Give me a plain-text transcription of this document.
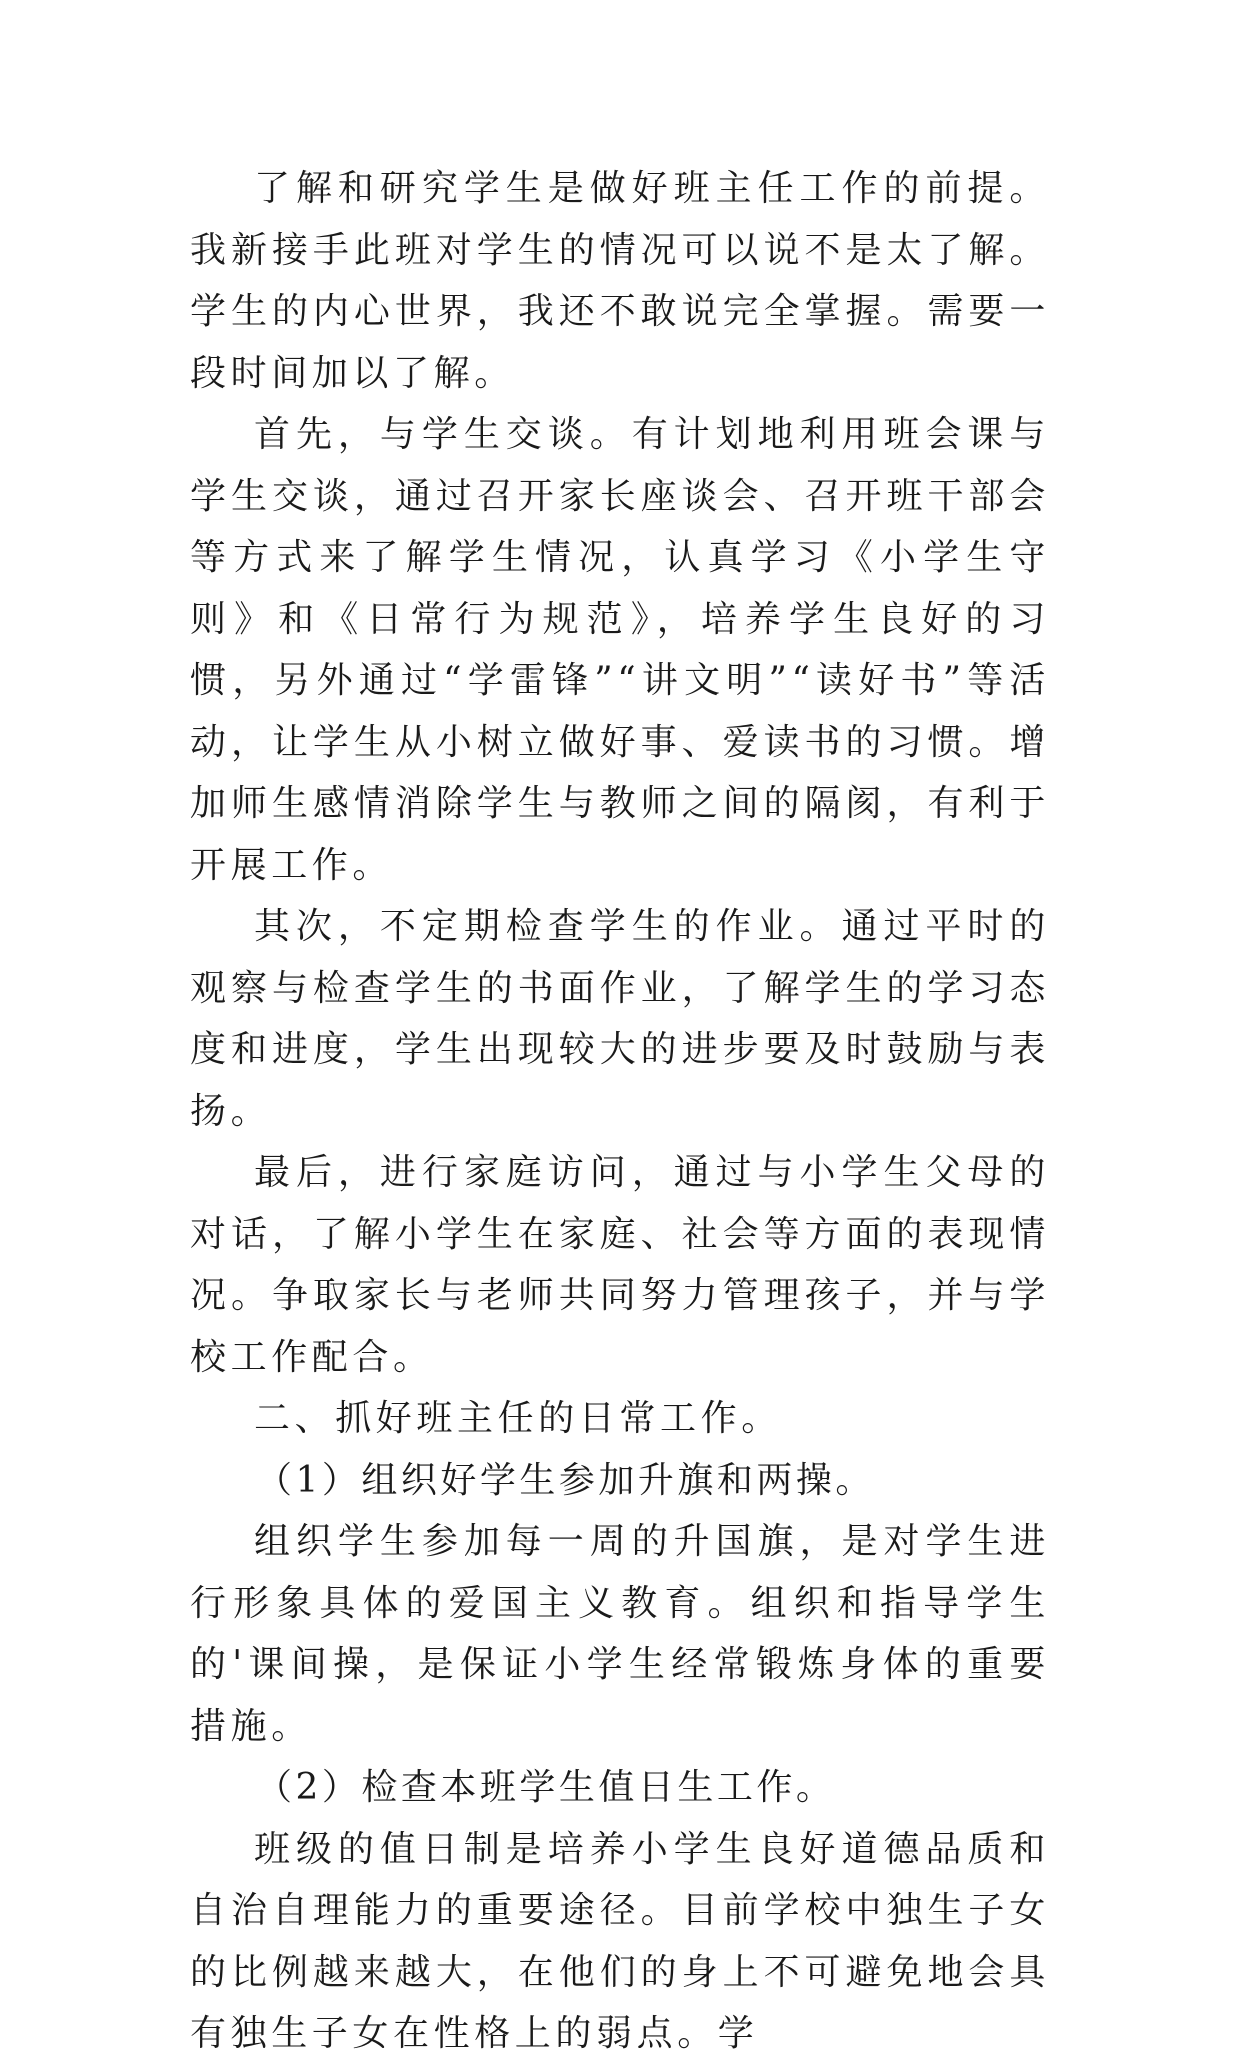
了解和研究学生是做好班主任工作的前提。我新接手此班对学生的情况可以说不是太了解。学生的内心世界，我还不敢说完全掌握。需要一段时间加以了解。

首先，与学生交谈。有计划地利用班会课与学生交谈，通过召开家长座谈会、召开班干部会等方式来了解学生情况，认真学习《小学生守则》和《日常行为规范》，培养学生良好的习惯，另外通过“学雷锋”“讲文明”“读好书”等活动，让学生从小树立做好事、爱读书的习惯。增加师生感情消除学生与教师之间的隔阂，有利于开展工作。

其次，不定期检查学生的作业。通过平时的观察与检查学生的书面作业，了解学生的学习态度和进度，学生出现较大的进步要及时鼓励与表扬。

最后，进行家庭访问，通过与小学生父母的对话，了解小学生在家庭、社会等方面的表现情况。争取家长与老师共同努力管理孩子，并与学校工作配合。

二、抓好班主任的日常工作。

（1）组织好学生参加升旗和两操。

组织学生参加每一周的升国旗，是对学生进行形象具体的爱国主义教育。组织和指导学生的'课间操，是保证小学生经常锻炼身体的重要措施。

（2）检查本班学生值日生工作。

班级的值日制是培养小学生良好道德品质和自治自理能力的重要途径。目前学校中独生子女的比例越来越大，在他们的身上不可避免地会具有独生子女在性格上的弱点。学
